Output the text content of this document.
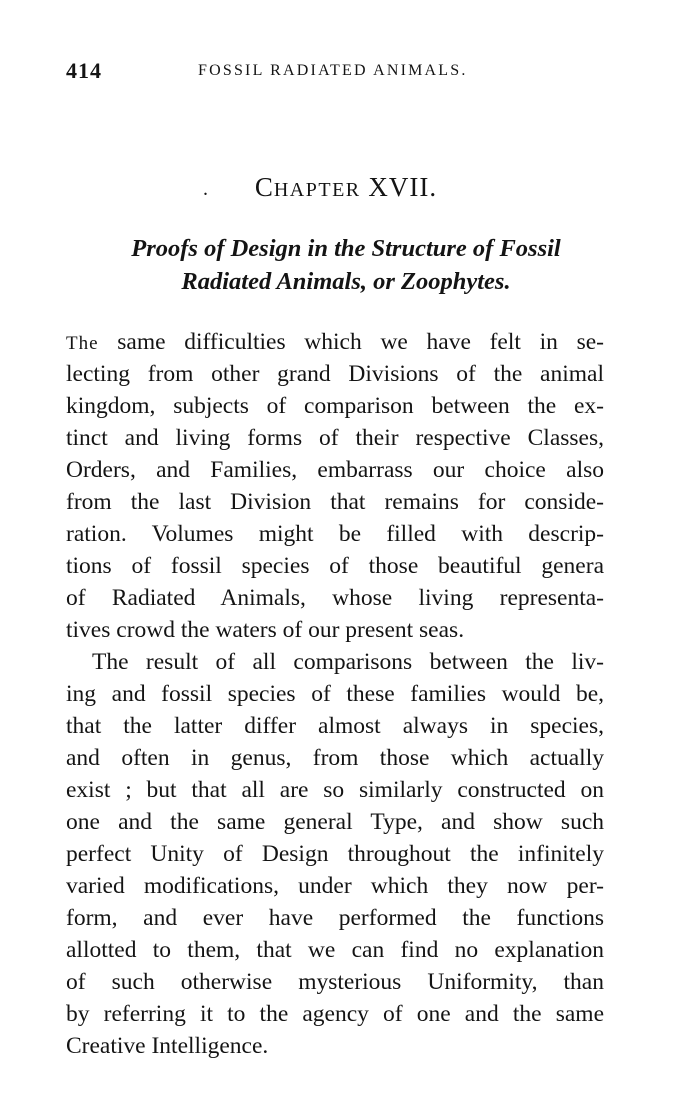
414	FOSSIL RADIATED ANIMALS.
.	CHAPTER XVII.
Proofs of Design in the Structure of Fossil
Radiated Animals, or Zoophytes.
The same difficulties which we have felt in se-
lecting from other grand Divisions of the animal
kingdom, subjects of comparison between the ex-
tinct and living forms of their respective Classes,
Orders, and Families, embarrass our choice also
from the last Division that remains for conside-
ration. Volumes might be filled with descrip-
tions of fossil species of those beautiful genera
of Radiated Animals, whose living representa-
tives crowd the waters of our present seas.
The result of all comparisons between the liv-
ing and fossil species of these families would be,
that the latter differ almost always in species,
and often in genus, from those which actually
exist ; but that all are so similarly constructed on
one and the same general Type, and show such
perfect Unity of Design throughout the infinitely
varied modifications, under which they now per-
form, and ever have performed the functions
allotted to them, that we can find no explanation
of such otherwise mysterious Uniformity, than
by referring it to the agency of one and the same
Creative Intelligence.
